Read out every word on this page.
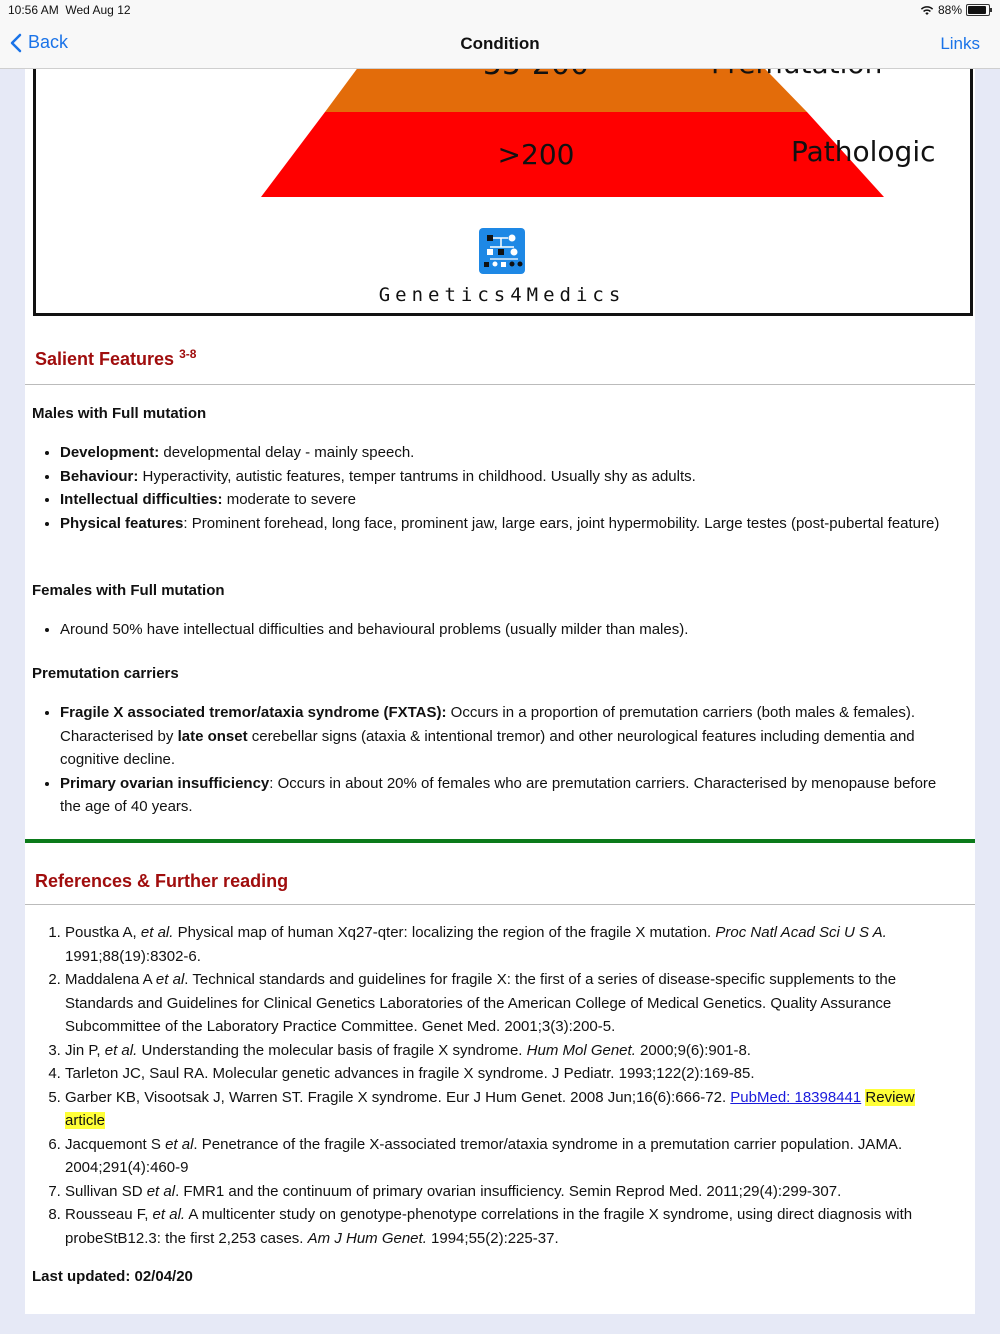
10:56 AM Wed Aug 12	88%
Back	Condition	Links
>200	Pathologic
Genetics4Medics
Salient Features $^{3-8}$
Males with Full mutation
• Development: developmental delay - mainly speech.
• Behaviour: Hyperactivity, autistic features, temper tantrums in childhood. Usually shy as adults.
• Intellectual difficulties: moderate to severe
• Physical features: Prominent forehead, long face, prominent jaw, large ears, joint hypermobility. Large testes (post-pubertal feature)
Females with Full mutation
• Around 50% have intellectual difficulties and behavioural problems (usually milder than males).
Premutation carriers
• Fragile X associated tremor/ataxia syndrome (FXTAS): Occurs in a proportion of premutation carriers (both males & females). Characterised by late onset cerebellar signs (ataxia & intentional tremor) and other neurological features including dementia and cognitive decline.
• Primary ovarian insufficiency: Occurs in about 20% of females who are premutation carriers. Characterised by menopause before the age of 40 years.
References & Further reading
1. Poustka A, et al. Physical map of human Xq27-qter: localizing the region of the fragile X mutation. Proc Natl Acad Sci U S A. 1991;88(19):8302-6.
2. Maddalena A et al. Technical standards and guidelines for fragile X: the first of a series of disease-specific supplements to the Standards and Guidelines for Clinical Genetics Laboratories of the American College of Medical Genetics. Quality Assurance Subcommittee of the Laboratory Practice Committee. Genet Med. 2001;3(3):200-5.
3. Jin P, et al. Understanding the molecular basis of fragile X syndrome. Hum Mol Genet. 2000;9(6):901-8.
4. Tarleton JC, Saul RA. Molecular genetic advances in fragile X syndrome. J Pediatr. 1993;122(2):169-85.
5. Garber KB, Visootsak J, Warren ST. Fragile X syndrome. Eur J Hum Genet. 2008 Jun;16(6):666-72. PubMed: 18398441 Review article
6. Jacquemont S et al. Penetrance of the fragile X-associated tremor/ataxia syndrome in a premutation carrier population. JAMA. 2004;291(4):460-9
7. Sullivan SD et al. FMR1 and the continuum of primary ovarian insufficiency. Semin Reprod Med. 2011;29(4):299-307.
8. Rousseau F, et al. A multicenter study on genotype-phenotype correlations in the fragile X syndrome, using direct diagnosis with probeStB12.3: the first 2,253 cases. Am J Hum Genet. 1994;55(2):225-37.
Last updated: 02/04/20
